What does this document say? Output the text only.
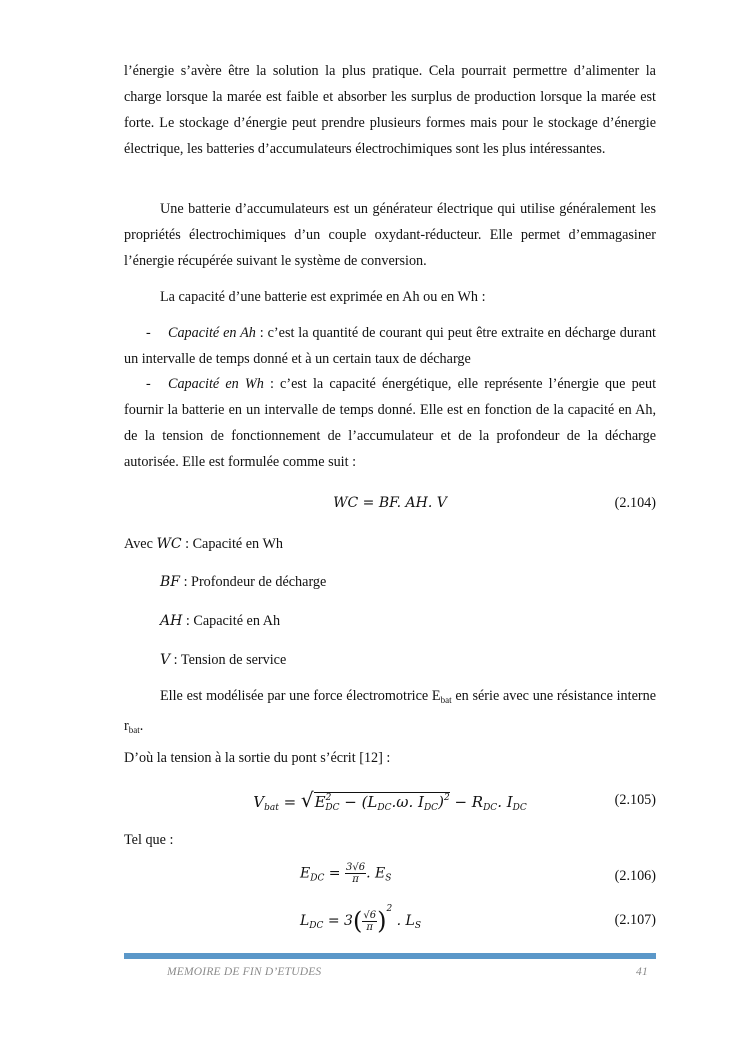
l’énergie s’avère être la solution la plus pratique. Cela pourrait permettre d’alimenter la charge lorsque la marée est faible et absorber les surplus de production lorsque la marée est forte. Le stockage d’énergie peut prendre plusieurs formes mais pour le stockage d’énergie électrique, les batteries d’accumulateurs électrochimiques sont les plus intéressantes.

Une batterie d’accumulateurs est un générateur électrique qui utilise généralement les propriétés électrochimiques d’un couple oxydant-réducteur. Elle permet d’emmagasiner l’énergie récupérée suivant le système de conversion.

La capacité d’une batterie est exprimée en Ah ou en Wh :

-	Capacité en Ah : c’est la quantité de courant qui peut être extraite en décharge durant un intervalle de temps donné et à un certain taux de décharge

-	Capacité en Wh : c’est la capacité énergétique, elle représente l’énergie que peut fournir la batterie en un intervalle de temps donné. Elle est en fonction de la capacité en Ah, de la tension de fonctionnement de l’accumulateur et de la profondeur de la décharge autorisée. Elle est formulée comme suit :

WC = BF. AH. V	(2.104)
Avec WC : Capacité en Wh
BF : Profondeur de décharge
AH : Capacité en Ah
V : Tension de service

Elle est modélisée par une force électromotrice $E_{bat}$ en série avec une résistance interne $r_{bat}$.

D’où la tension à la sortie du pont s’écrit [12] :

$V_{bat} = √E^2_{DC} - (L_{DC}.\omega$. $I_{DC})^2 - R_{DC}$. $I_{DC}$	(2.105)

Tel que :

$E_{DC} = \frac{3√6}{\pi}$ . $E_S$	(2.106)
$L_{DC} = 3( \frac{√6}{\pi} )^2$ . $L_S$	(2.107)
MEMOIRE DE FIN D’ETUDES	41
